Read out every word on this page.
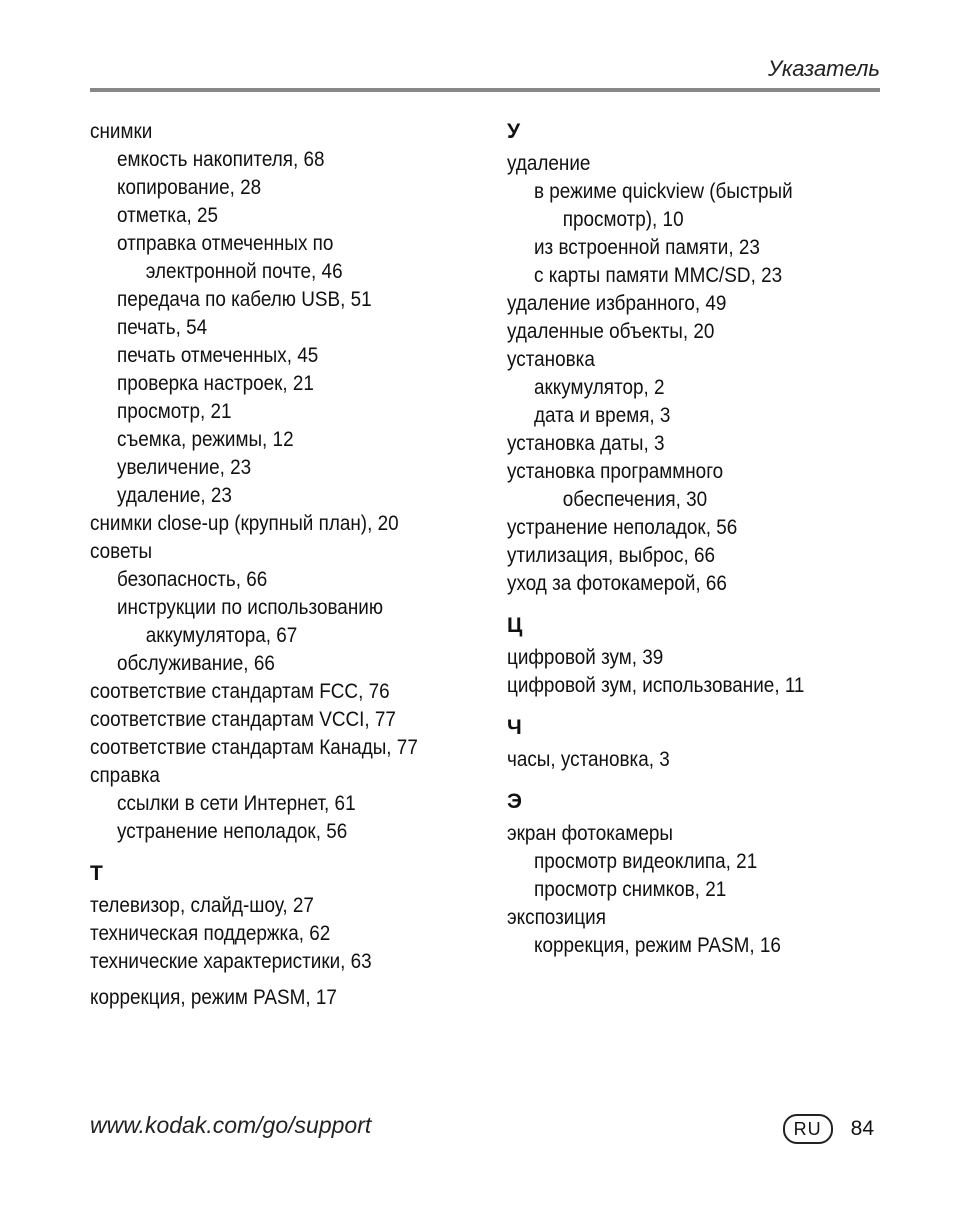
Указатель
снимки
емкость накопителя, 68
копирование, 28
отметка, 25
отправка отмеченных по
электронной почте, 46
передача по кабелю USB, 51
печать, 54
печать отмеченных, 45
проверка настроек, 21
просмотр, 21
съемка, режимы, 12
увеличение, 23
удаление, 23
снимки close-up (крупный план), 20
советы
безопасность, 66
инструкции по использованию
аккумулятора, 67
обслуживание, 66
соответствие стандартам FCC, 76
соответствие стандартам VCCI, 77
соответствие стандартам Канады, 77
справка
ссылки в сети Интернет, 61
устранение неполадок, 56
Т
телевизор, слайд-шоу, 27
техническая поддержка, 62
технические характеристики, 63
коррекция, режим PASM, 17
У
удаление
в режиме quickview (быстрый
просмотр), 10
из встроенной памяти, 23
с карты памяти MMC/SD, 23
удаление избранного, 49
удаленные объекты, 20
установка
аккумулятор, 2
дата и время, 3
установка даты, 3
установка программного
обеспечения, 30
устранение неполадок, 56
утилизация, выброс, 66
уход за фотокамерой, 66
Ц
цифровой зум, 39
цифровой зум, использование, 11
Ч
часы, установка, 3
Э
экран фотокамеры
просмотр видеоклипа, 21
просмотр снимков, 21
экспозиция
коррекция, режим PASM, 16
www.kodak.com/go/support	RU	84
